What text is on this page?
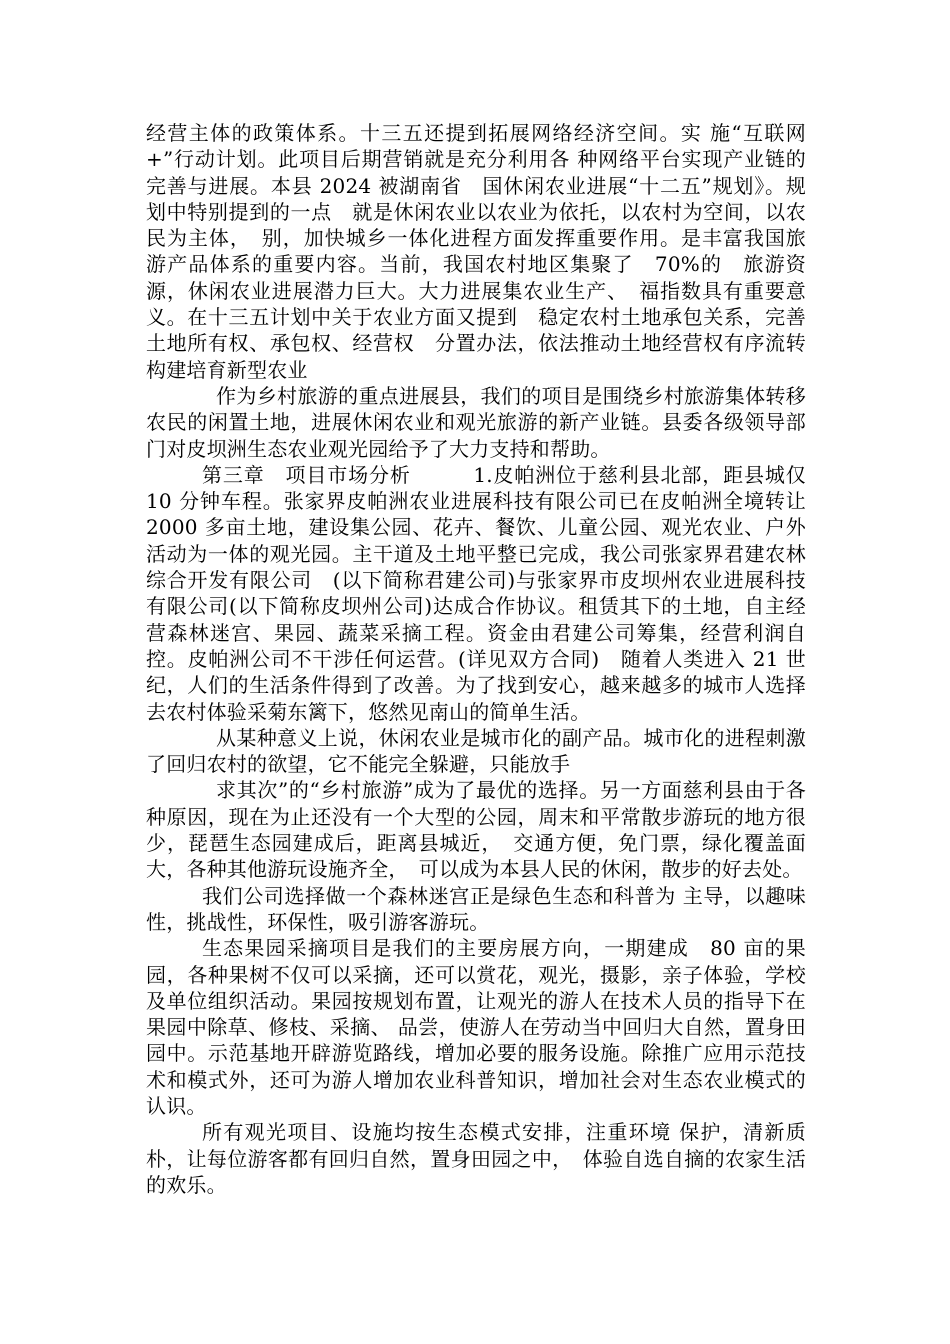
经营主体的政策体系。十三五还提到拓展网络经济空间。实 施“互联网+”行动计划。此项目后期营销就是充分利用各 种网络平台实现产业链的完善与进展。本县 2024 被湖南省　国休闲农业进展“十二五”规划》。规划中特别提到的一点　就是休闲农业以农业为依托，以农村为空间，以农民为主体，　别，加快城乡一体化进程方面发挥重要作用。是丰富我国旅　游产品体系的重要内容。当前，我国农村地区集聚了　70%的　旅游资源，休闲农业进展潜力巨大。大力进展集农业生产、　福指数具有重要意义。在十三五计划中关于农业方面又提到　稳定农村土地承包关系，完善土地所有权、承包权、经营权　分置办法，依法推动土地经营权有序流转构建培育新型农业

作为乡村旅游的重点进展县，我们的项目是围绕乡村旅游集体转移农民的闲置土地，进展休闲农业和观光旅游的新产业链。县委各级领导部门对皮坝洲生态农业观光园给予了大力支持和帮助。

第三章　项目市场分析　　　1.皮帕洲位于慈利县北部，距县城仅 10 分钟车程。张家界皮帕洲农业进展科技有限公司已在皮帕洲全境转让 2000 多亩土地，建设集公园、花卉、餐饮、儿童公园、观光农业、户外活动为一体的观光园。主干道及土地平整已完成，我公司张家界君建农林综合开发有限公司　(以下简称君建公司)与张家界市皮坝州农业进展科技有限公司(以下简称皮坝州公司)达成合作协议。租赁其下的土地，自主经营森林迷宫、果园、蔬菜采摘工程。资金由君建公司筹集，经营利润自控。皮帕洲公司不干涉任何运营。(详见双方合同)　随着人类进入 21 世纪，人们的生活条件得到了改善。为了找到安心，越来越多的城市人选择去农村体验采菊东篱下，悠然见南山的简单生活。

从某种意义上说，休闲农业是城市化的副产品。城市化的进程刺激了回归农村的欲望，它不能完全躲避，只能放手

求其次”的“乡村旅游”成为了最优的选择。另一方面慈利县由于各种原因，现在为止还没有一个大型的公园，周末和平常散步游玩的地方很少，琵琶生态园建成后，距离县城近，　交通方便，免门票，绿化覆盖面大，各种其他游玩设施齐全，　可以成为本县人民的休闲，散步的好去处。

我们公司选择做一个森林迷宫正是绿色生态和科普为 主导，以趣味性，挑战性，环保性，吸引游客游玩。

生态果园采摘项目是我们的主要房展方向，一期建成　80 亩的果园，各种果树不仅可以采摘，还可以赏花，观光，摄影，亲子体验，学校及单位组织活动。果园按规划布置，让观光的游人在技术人员的指导下在果园中除草、修枝、采摘、 品尝，使游人在劳动当中回归大自然，置身田园中。示范基地开辟游览路线，增加必要的服务设施。除推广应用示范技术和模式外，还可为游人增加农业科普知识，增加社会对生态农业模式的认识。

所有观光项目、设施均按生态模式安排，注重环境 保护，清新质朴，让每位游客都有回归自然，置身田园之中，　体验自选自摘的农家生活的欢乐。
